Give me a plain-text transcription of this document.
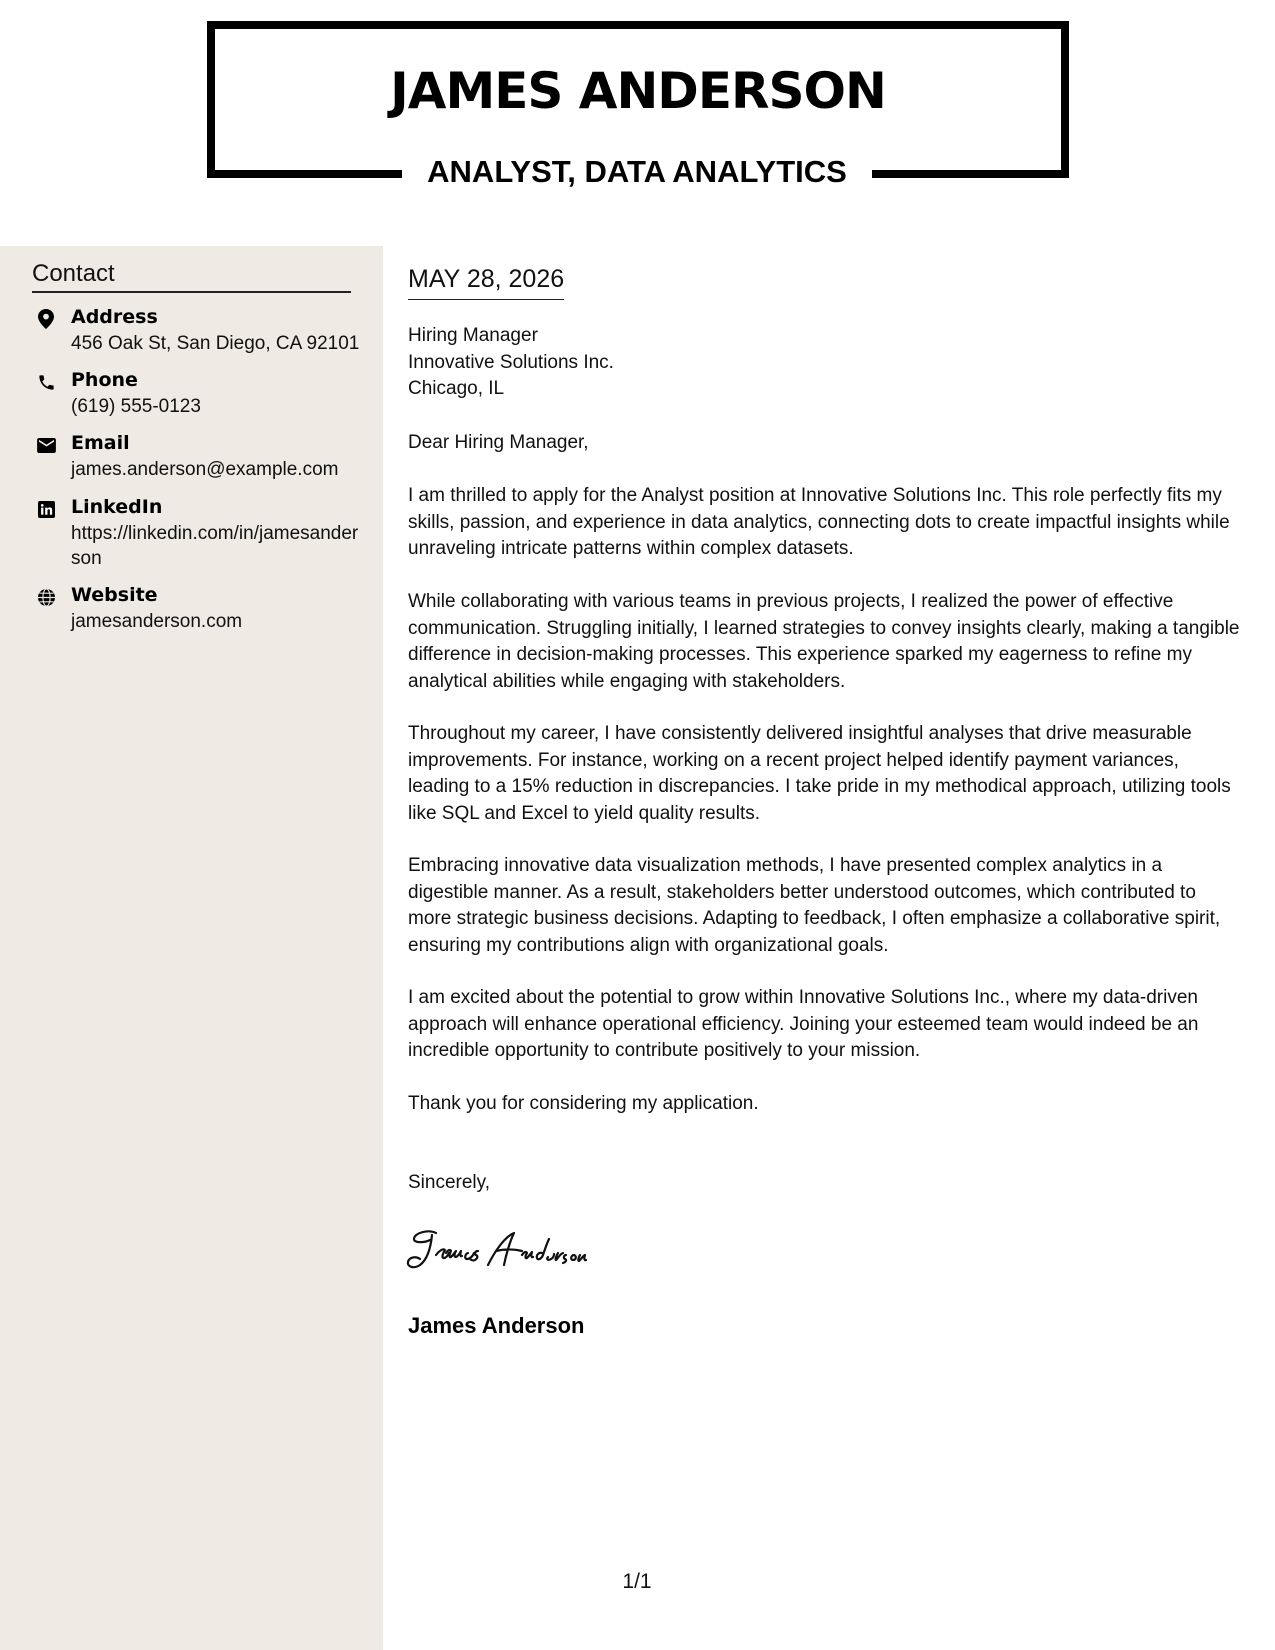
JAMES ANDERSON
ANALYST, DATA ANALYTICS
Contact
Address
456 Oak St, San Diego, CA 92101
Phone
(619) 555-0123
Email
james.anderson@example.com
LinkedIn
https://linkedin.com/in/jamesanderson
Website
jamesanderson.com
MAY 28, 2026
Hiring Manager
Innovative Solutions Inc.
Chicago, IL
Dear Hiring Manager,

I am thrilled to apply for the Analyst position at Innovative Solutions Inc. This role perfectly fits my skills, passion, and experience in data analytics, connecting dots to create impactful insights while unraveling intricate patterns within complex datasets.

While collaborating with various teams in previous projects, I realized the power of effective communication. Struggling initially, I learned strategies to convey insights clearly, making a tangible difference in decision-making processes. This experience sparked my eagerness to refine my analytical abilities while engaging with stakeholders.

Throughout my career, I have consistently delivered insightful analyses that drive measurable improvements. For instance, working on a recent project helped identify payment variances, leading to a 15% reduction in discrepancies. I take pride in my methodical approach, utilizing tools like SQL and Excel to yield quality results.

Embracing innovative data visualization methods, I have presented complex analytics in a digestible manner. As a result, stakeholders better understood outcomes, which contributed to more strategic business decisions. Adapting to feedback, I often emphasize a collaborative spirit, ensuring my contributions align with organizational goals.

I am excited about the potential to grow within Innovative Solutions Inc., where my data-driven approach will enhance operational efficiency. Joining your esteemed team would indeed be an incredible opportunity to contribute positively to your mission.

Thank you for considering my application.

Sincerely,
James Anderson
1/1
